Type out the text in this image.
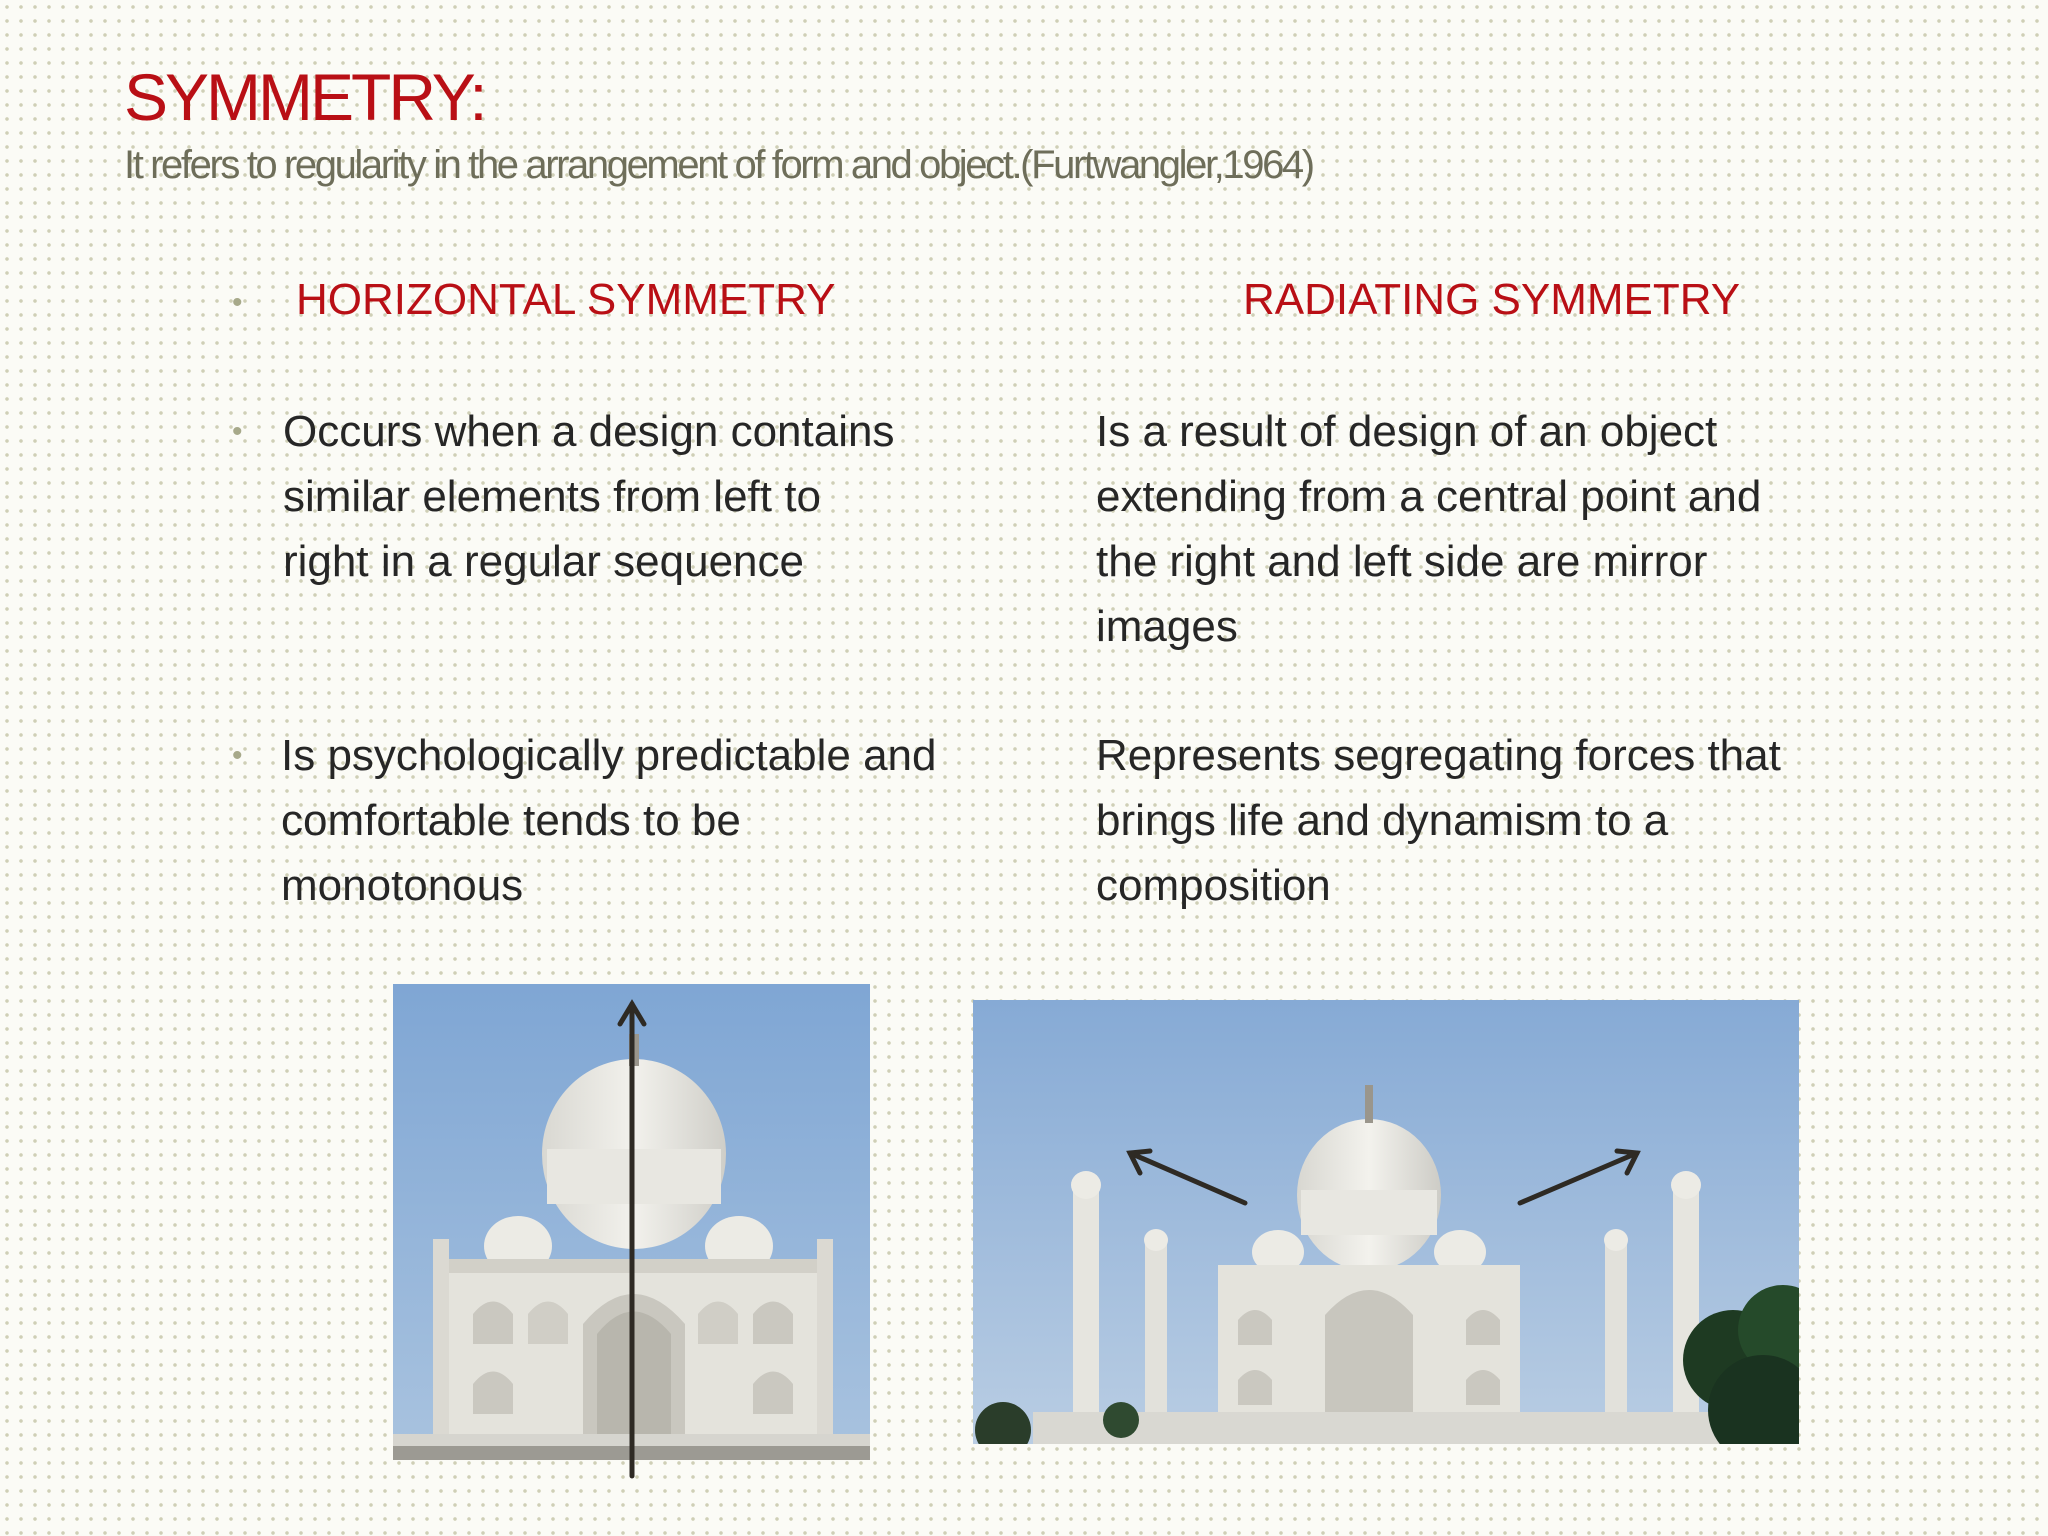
SYMMETRY:
It refers to regularity in the arrangement of form and object.(Furtwangler,1964)
• HORIZONTAL SYMMETRY
• Occurs when a design contains
similar elements from left to
right in a regular sequence

• Is psychologically predictable and
comfortable tends to be
monotonous

RADIATING SYMMETRY

Is a result of design of an object
extending from a central point and
the right and left side are mirror
images

Represents segregating forces that
brings life and dynamism to a
composition
